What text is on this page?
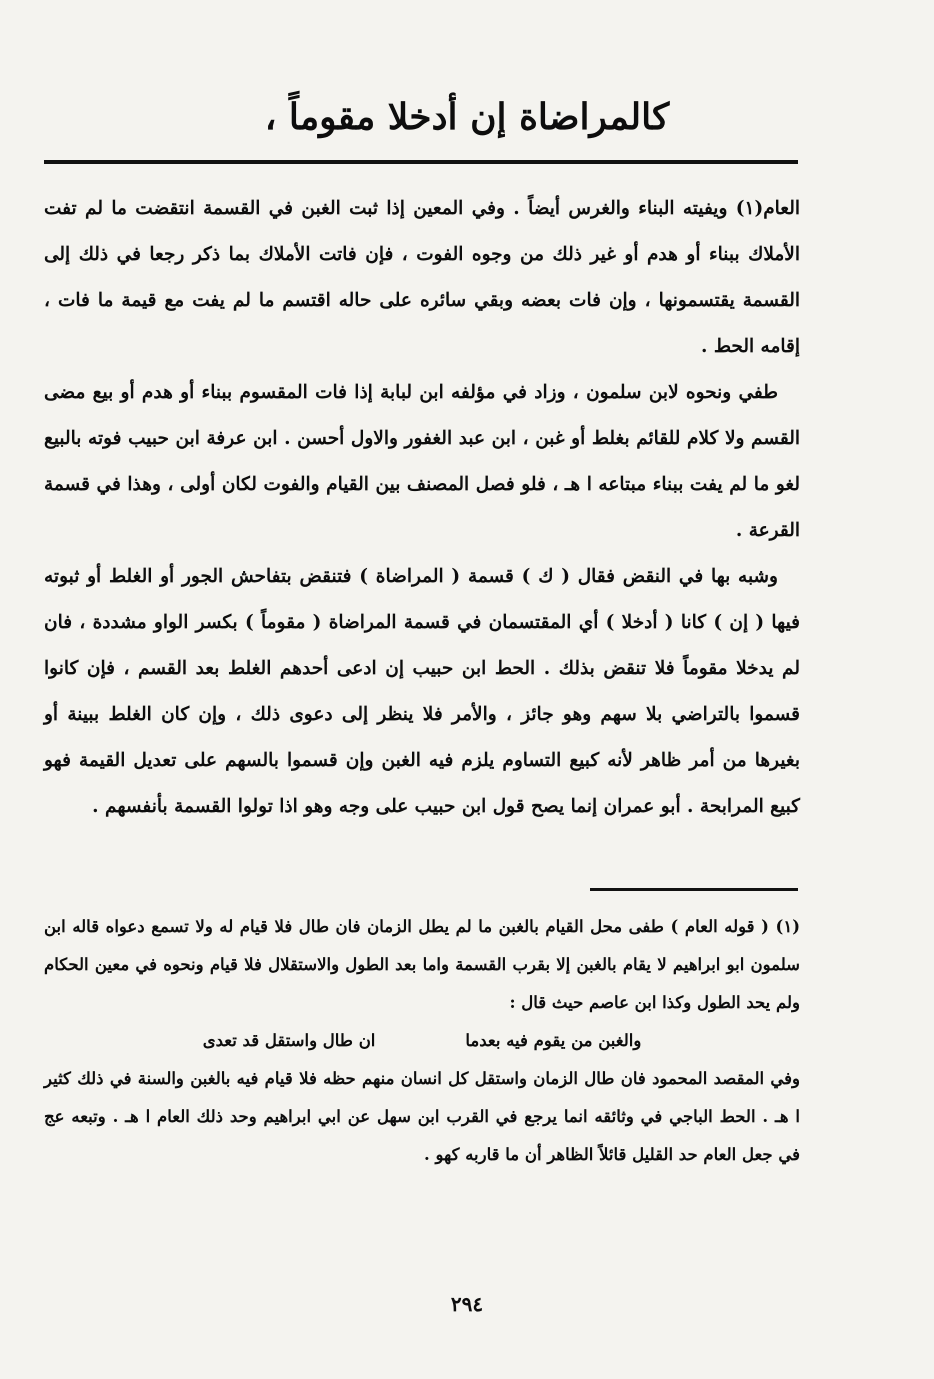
كالمراضاة إن أدخلا مقوماً ،

العام(١) ويفيته البناء والغرس أيضاً . وفي المعين إذا ثبت الغبن في القسمة انتقضت ما لم تفت الأملاك ببناء أو هدم أو غير ذلك من وجوه الفوت ، فإن فاتت الأملاك بما ذكر رجعا في ذلك إلى القسمة يقتسمونها ، وإن فات بعضه وبقي سائره على حاله اقتسم ما لم يفت مع قيمة ما فات ، إقامه الحط .

طفي ونحوه لابن سلمون ، وزاد في مؤلفه ابن لبابة إذا فات المقسوم ببناء أو هدم أو بيع مضى القسم ولا كلام للقائم بغلط أو غبن ، ابن عبد الغفور والاول أحسن . ابن عرفة ابن حبيب فوته بالبيع لغو ما لم يفت ببناء مبتاعه ا هـ ، فلو فصل المصنف بين القيام والفوت لكان أولى ، وهذا في قسمة القرعة .

وشبه بها في النقض فقال ( ك ) قسمة ( المراضاة ) فتنقض بتفاحش الجور أو الغلط أو ثبوته فيها ( إن ) كانا ( أدخلا ) أي المقتسمان في قسمة المراضاة ( مقوماً ) بكسر الواو مشددة ، فان لم يدخلا مقوماً فلا تنقض بذلك . الحط ابن حبيب إن ادعى أحدهم الغلط بعد القسم ، فإن كانوا قسموا بالتراضي بلا سهم وهو جائز ، والأمر فلا ينظر إلى دعوى ذلك ، وإن كان الغلط ببينة أو بغيرها من أمر ظاهر لأنه كبيع التساوم يلزم فيه الغبن وإن قسموا بالسهم على تعديل القيمة فهو كبيع المرابحة . أبو عمران إنما يصح قول ابن حبيب على وجه وهو اذا تولوا القسمة بأنفسهم .

(١) ( قوله العام ) طفى محل القيام بالغبن ما لم يطل الزمان فان طال فلا قيام له ولا تسمع دعواه قاله ابن سلمون ابو ابراهيم لا يقام بالغبن إلا بقرب القسمة واما بعد الطول والاستقلال فلا قيام ونحوه في معين الحكام ولم يحد الطول وكذا ابن عاصم حيث قال :

والغبن من يقوم فيه بعدما
ان طال واستقل قد تعدى

وفي المقصد المحمود فان طال الزمان واستقل كل انسان منهم حظه فلا قيام فيه بالغبن والسنة في ذلك كثير ا هـ . الحط الباجي في وثائقه انما يرجع في القرب ابن سهل عن ابي ابراهيم وحد ذلك العام ا هـ . وتبعه عج في جعل العام حد القليل قائلاً الظاهر أن ما قاربه كهو .

٢٩٤
